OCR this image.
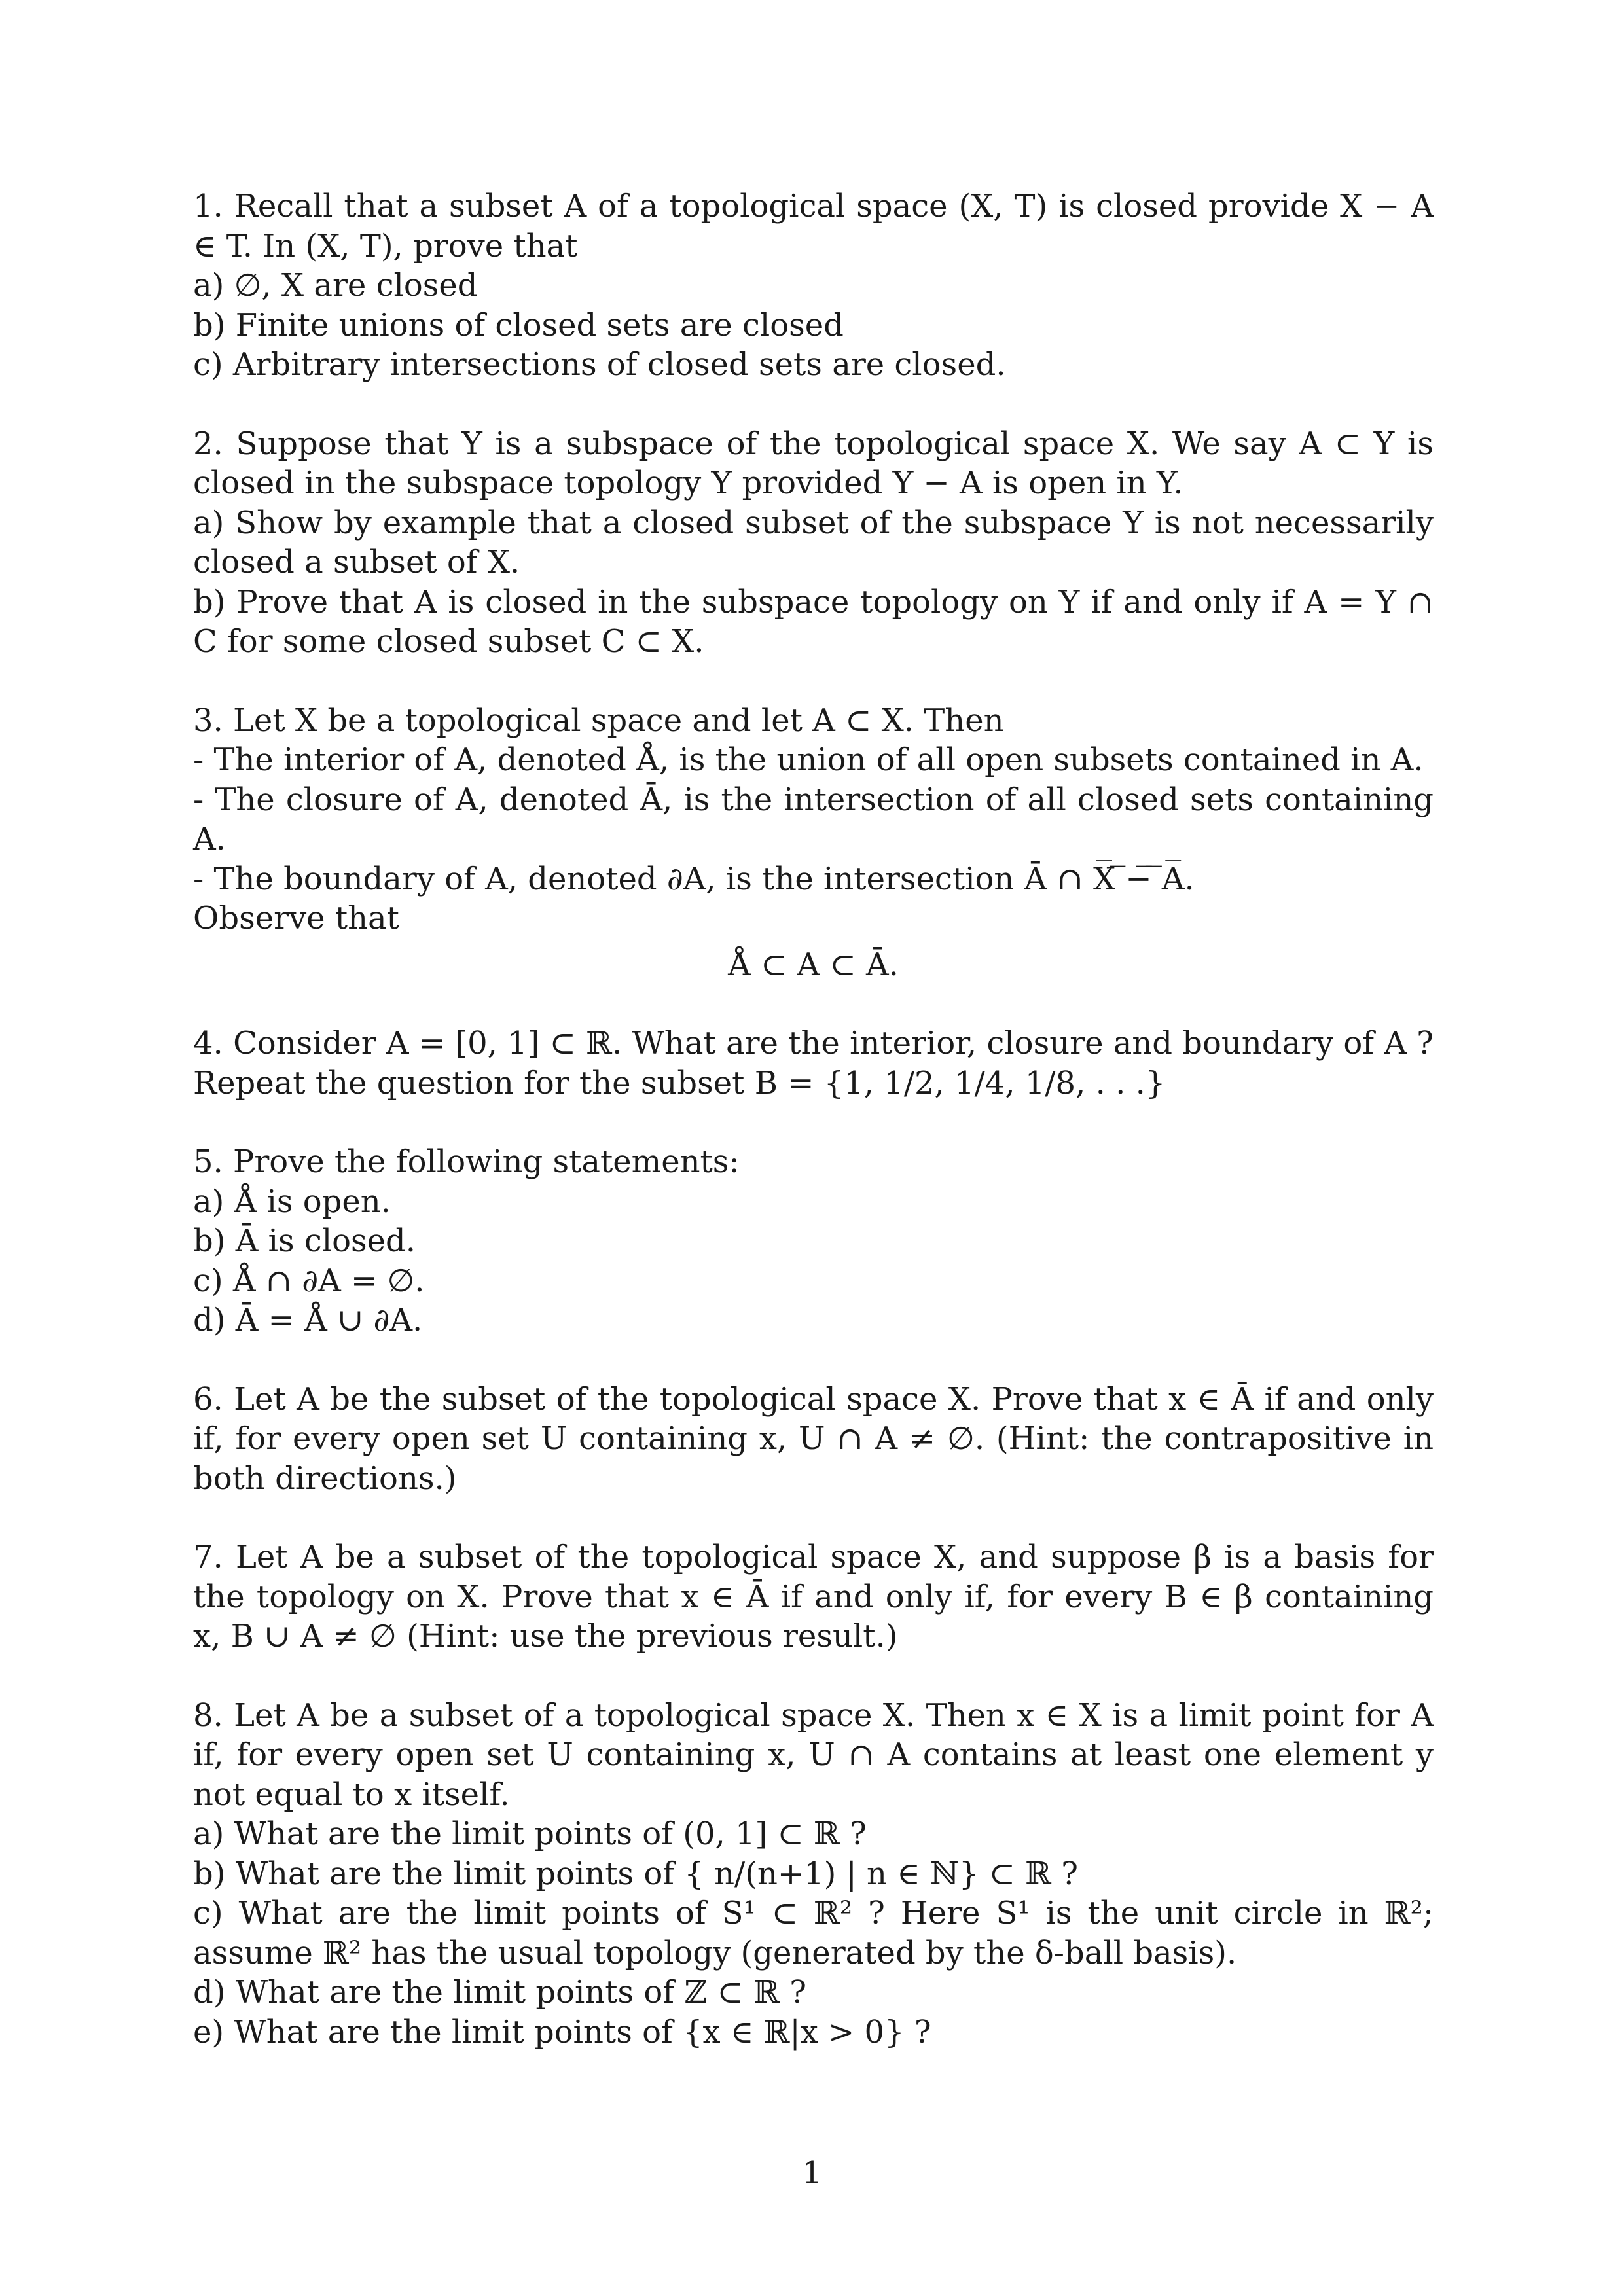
1. Recall that a subset A of a topological space (X, T) is closed provide X − A ∈ T. In (X, T), prove that
a) ∅, X are closed
b) Finite unions of closed sets are closed
c) Arbitrary intersections of closed sets are closed.
2. Suppose that Y is a subspace of the topological space X. We say A ⊂ Y is closed in the subspace topology Y provided Y − A is open in Y.
a) Show by example that a closed subset of the subspace Y is not necessarily closed a subset of X.
b) Prove that A is closed in the subspace topology on Y if and only if A = Y ∩ C for some closed subset C ⊂ X.
3. Let X be a topological space and let A ⊂ X. Then
- The interior of A, denoted Å, is the union of all open subsets contained in A.
- The closure of A, denoted Ā, is the intersection of all closed sets containing A.
- The boundary of A, denoted ∂A, is the intersection Ā ∩ X̅ ̅−̅ ̅A̅.
Observe that
Å ⊂ A ⊂ Ā.
4. Consider A = [0, 1] ⊂ ℝ. What are the interior, closure and boundary of A ? Repeat the question for the subset B = {1, 1/2, 1/4, 1/8, . . .}
5. Prove the following statements:
a) Å is open.
b) Ā is closed.
c) Å ∩ ∂A = ∅.
d) Ā = Å ∪ ∂A.
6. Let A be the subset of the topological space X. Prove that x ∈ Ā if and only if, for every open set U containing x, U ∩ A ≠ ∅. (Hint: the contrapositive in both directions.)
7. Let A be a subset of the topological space X, and suppose β is a basis for the topology on X. Prove that x ∈ Ā if and only if, for every B ∈ β containing x, B ∪ A ≠ ∅ (Hint: use the previous result.)
8. Let A be a subset of a topological space X. Then x ∈ X is a limit point for A if, for every open set U containing x, U ∩ A contains at least one element y not equal to x itself.
a) What are the limit points of (0, 1] ⊂ ℝ ?
b) What are the limit points of { n/(n+1) | n ∈ ℕ} ⊂ ℝ ?
c) What are the limit points of S¹ ⊂ ℝ² ? Here S¹ is the unit circle in ℝ²; assume ℝ² has the usual topology (generated by the δ-ball basis).
d) What are the limit points of ℤ ⊂ ℝ ?
e) What are the limit points of {x ∈ ℝ|x > 0} ?
1
